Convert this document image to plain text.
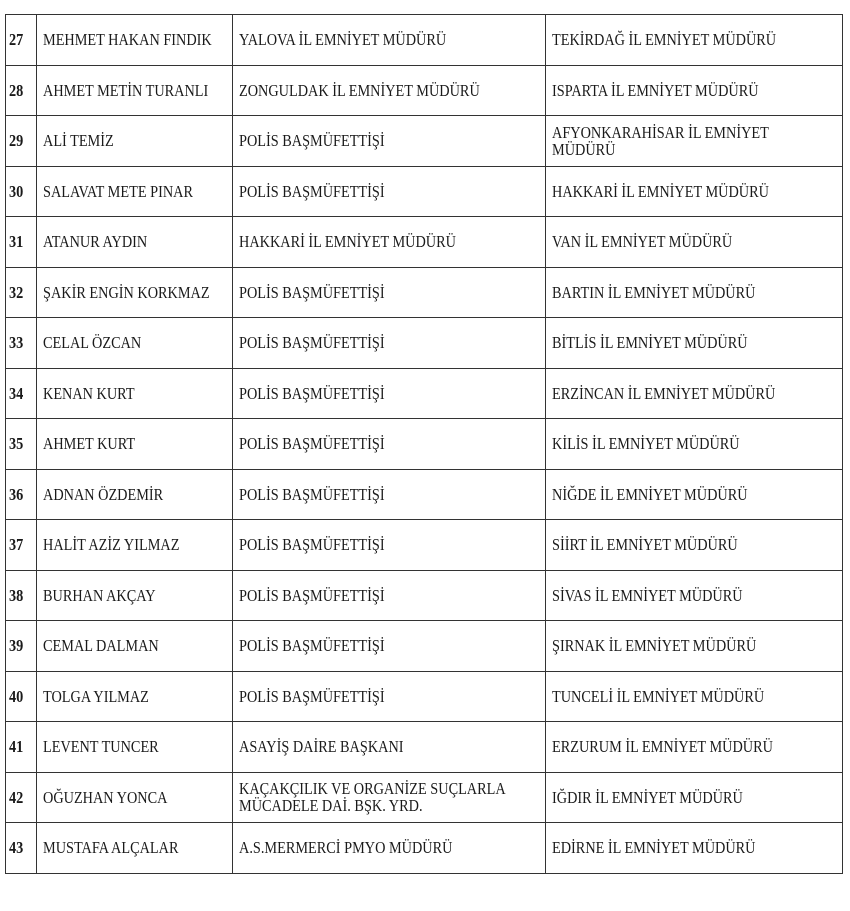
27	MEHMET HAKAN FINDIK	YALOVA İL EMNİYET MÜDÜRÜ	TEKİRDAĞ İL EMNİYET MÜDÜRÜ
28	AHMET METİN TURANLI	ZONGULDAK İL EMNİYET MÜDÜRÜ	ISPARTA İL EMNİYET MÜDÜRÜ
29	ALİ TEMİZ	POLİS BAŞMÜFETTİŞİ	AFYONKARAHİSAR İL EMNİYET
MÜDÜRÜ
30	SALAVAT METE PINAR	POLİS BAŞMÜFETTİŞİ	HAKKARİ İL EMNİYET MÜDÜRÜ
31	ATANUR AYDIN	HAKKARİ İL EMNİYET MÜDÜRÜ	VAN İL EMNİYET MÜDÜRÜ
32	ŞAKİR ENGİN KORKMAZ	POLİS BAŞMÜFETTİŞİ	BARTIN İL EMNİYET MÜDÜRÜ
33	CELAL ÖZCAN	POLİS BAŞMÜFETTİŞİ	BİTLİS İL EMNİYET MÜDÜRÜ
34	KENAN KURT	POLİS BAŞMÜFETTİŞİ	ERZİNCAN İL EMNİYET MÜDÜRÜ
35	AHMET KURT	POLİS BAŞMÜFETTİŞİ	KİLİS İL EMNİYET MÜDÜRÜ
36	ADNAN ÖZDEMİR	POLİS BAŞMÜFETTİŞİ	NİĞDE İL EMNİYET MÜDÜRÜ
37	HALİT AZİZ YILMAZ	POLİS BAŞMÜFETTİŞİ	SİİRT İL EMNİYET MÜDÜRÜ
38	BURHAN AKÇAY	POLİS BAŞMÜFETTİŞİ	SİVAS İL EMNİYET MÜDÜRÜ
39	CEMAL DALMAN	POLİS BAŞMÜFETTİŞİ	ŞIRNAK İL EMNİYET MÜDÜRÜ
40	TOLGA YILMAZ	POLİS BAŞMÜFETTİŞİ	TUNCELİ İL EMNİYET MÜDÜRÜ
41	LEVENT TUNCER	ASAYİŞ DAİRE BAŞKANI	ERZURUM İL EMNİYET MÜDÜRÜ
42	OĞUZHAN YONCA	KAÇAKÇILIK VE ORGANİZE SUÇLARLA
MÜCADELE DAİ. BŞK. YRD.	IĞDIR İL EMNİYET MÜDÜRÜ
43	MUSTAFA ALÇALAR	A.S.MERMERCİ PMYO MÜDÜRÜ	EDİRNE İL EMNİYET MÜDÜRÜ
